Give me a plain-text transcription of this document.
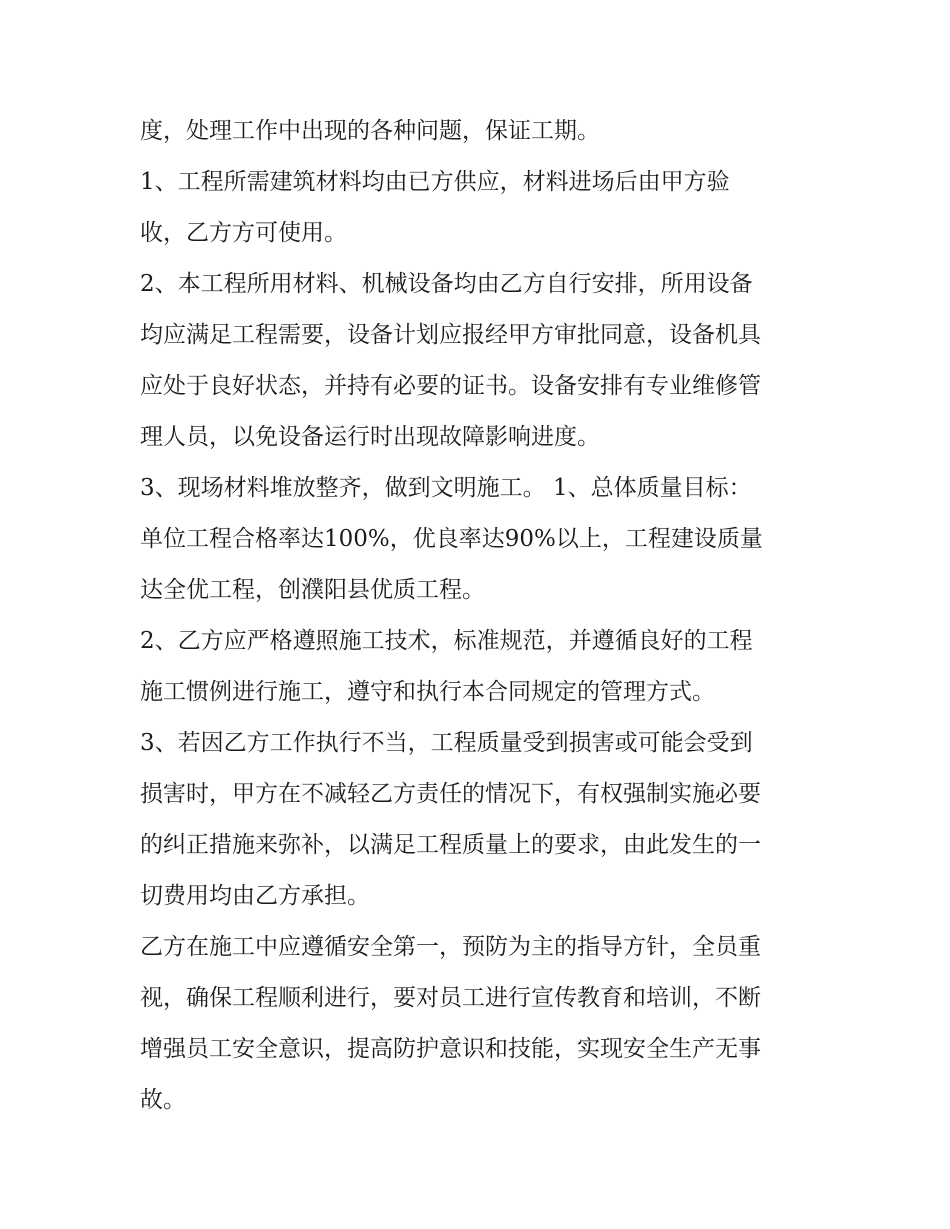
度，处理工作中出现的各种问题，保证工期。
1、工程所需建筑材料均由已方供应，材料进场后由甲方验
收，乙方方可使用。
2、本工程所用材料、机械设备均由乙方自行安排，所用设备
均应满足工程需要，设备计划应报经甲方审批同意，设备机具
应处于良好状态，并持有必要的证书。设备安排有专业维修管
理人员，以免设备运行时出现故障影响进度。
3、现场材料堆放整齐，做到文明施工。 1、总体质量目标：
单位工程合格率达100%，优良率达90%以上，工程建设质量
达全优工程，创濮阳县优质工程。
2、乙方应严格遵照施工技术，标准规范，并遵循良好的工程
施工惯例进行施工，遵守和执行本合同规定的管理方式。
3、若因乙方工作执行不当，工程质量受到损害或可能会受到
损害时，甲方在不减轻乙方责任的情况下，有权强制实施必要
的纠正措施来弥补，以满足工程质量上的要求，由此发生的一
切费用均由乙方承担。
乙方在施工中应遵循安全第一，预防为主的指导方针，全员重
视，确保工程顺利进行，要对员工进行宣传教育和培训，不断
增强员工安全意识，提高防护意识和技能，实现安全生产无事
故。
